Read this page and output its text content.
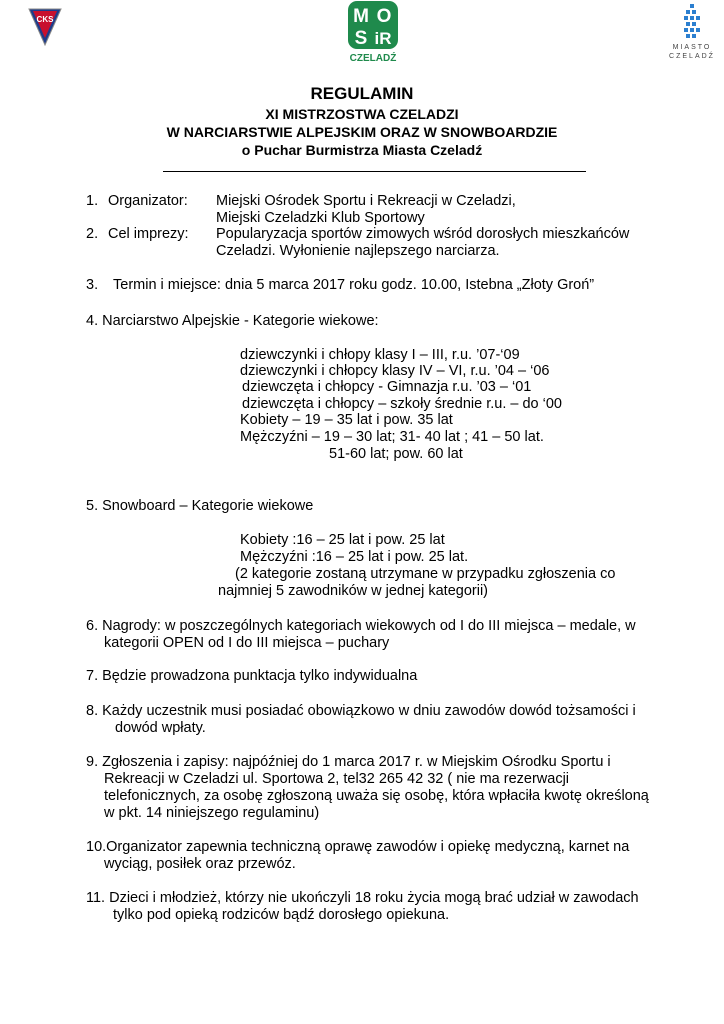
CKS	M O
S iR
CZELADŹ
MIASTO
CZELADŹ
REGULAMIN
XI MISTRZOSTWA CZELADZI
W NARCIARSTWIE ALPEJSKIM ORAZ W SNOWBOARDZIE
o Puchar Burmistrza Miasta Czeladź
1. Organizator: Miejski Ośrodek Sportu i Rekreacji w Czeladzi,
Miejski Czeladzki Klub Sportowy
2. Cel imprezy: Popularyzacja sportów zimowych wśród dorosłych mieszkańców
Czeladzi. Wyłonienie najlepszego narciarza.
3. Termin i miejsce: dnia 5 marca 2017 roku godz. 10.00, Istebna „Złoty Groń”
4. Narciarstwo Alpejskie - Kategorie wiekowe:
dziewczynki i chłopy klasy I – III, r.u. ’07-‘09
dziewczynki i chłopcy klasy IV – VI, r.u. ’04 – ‘06
dziewczęta i chłopcy - Gimnazja r.u. ’03 – ‘01
dziewczęta i chłopcy – szkoły średnie r.u. – do ‘00
Kobiety – 19 – 35 lat i pow. 35 lat
Mężczyźni – 19 – 30 lat; 31- 40 lat ; 41 – 50 lat.
51-60 lat; pow. 60 lat
5. Snowboard – Kategorie wiekowe
Kobiety :16 – 25 lat i pow. 25 lat
Mężczyźni :16 – 25 lat i pow. 25 lat.
(2 kategorie zostaną utrzymane w przypadku zgłoszenia co
najmniej 5 zawodników w jednej kategorii)
6. Nagrody: w poszczególnych kategoriach wiekowych od I do III miejsca – medale, w
kategorii OPEN od I do III miejsca – puchary
7. Będzie prowadzona punktacja tylko indywidualna
8. Każdy uczestnik musi posiadać obowiązkowo w dniu zawodów dowód tożsamości i
dowód wpłaty.
9. Zgłoszenia i zapisy: najpóźniej do 1 marca 2017 r. w Miejskim Ośrodku Sportu i
Rekreacji w Czeladzi ul. Sportowa 2, tel32 265 42 32 ( nie ma rezerwacji
telefonicznych, za osobę zgłoszoną uważa się osobę, która wpłaciła kwotę określoną
w pkt. 14 niniejszego regulaminu)
10.Organizator zapewnia techniczną oprawę zawodów i opiekę medyczną, karnet na
wyciąg, posiłek oraz przewóz.
11. Dzieci i młodzież, którzy nie ukończyli 18 roku życia mogą brać udział w zawodach
tylko pod opieką rodziców bądź dorosłego opiekuna.
